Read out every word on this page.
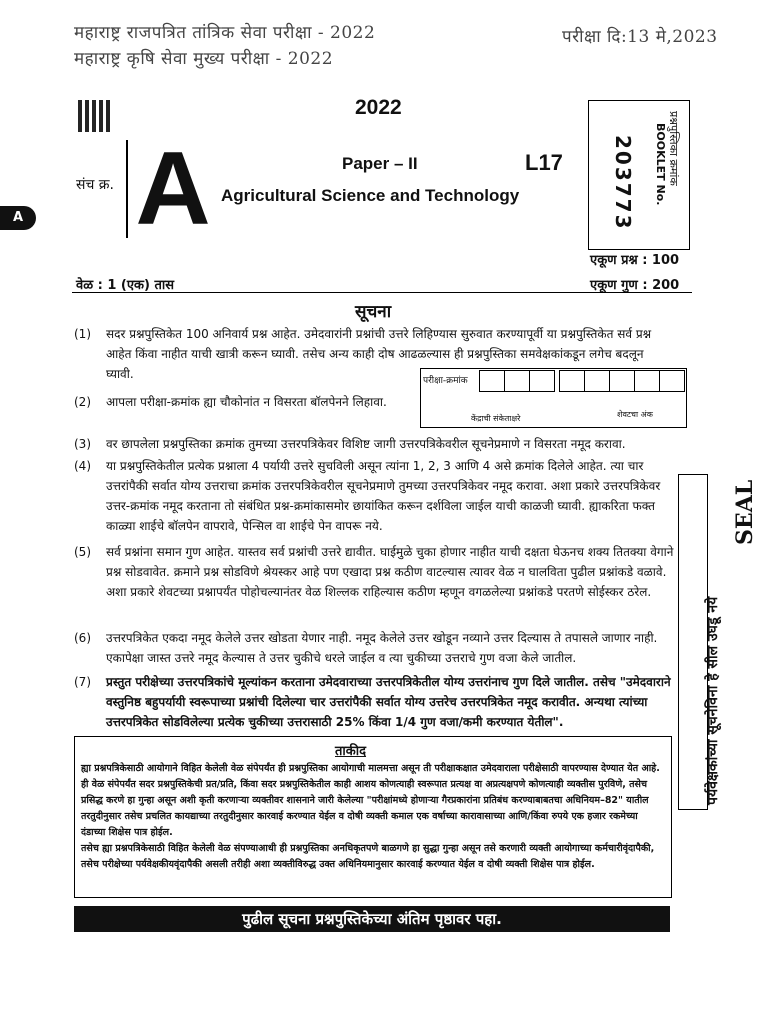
महाराष्ट्र राजपत्रित तांत्रिक सेवा परीक्षा - 2022
महाराष्ट्र कृषि सेवा मुख्य परीक्षा - 2022
परीक्षा दि:13 मे,2023
2022
संच क्र. A	Paper – II	L17
Agricultural Science and Technology
A
प्रश्नपुस्तिका क्रमांक
BOOKLET No.
203773
एकूण प्रश्न : 100
वेळ : 1 (एक) तास	एकूण गुण : 200
सूचना
(1) सदर प्रश्नपुस्तिकेत 100 अनिवार्य प्रश्न आहेत. उमेदवारांनी प्रश्नांची उत्तरे लिहिण्यास सुरुवात करण्यापूर्वी या प्रश्नपुस्तिकेत सर्व प्रश्न आहेत किंवा नाहीत याची खात्री करून घ्यावी. तसेच अन्य काही दोष आढळल्यास ही प्रश्नपुस्तिका समवेक्षकांकडून लगेच बदलून घ्यावी.
(2) आपला परीक्षा-क्रमांक ह्या चौकोनांत न विसरता बॉलपेनने लिहावा.
परीक्षा-क्रमांक
केंद्राची संकेताक्षरे	शेवटचा अंक
(3) वर छापलेला प्रश्नपुस्तिका क्रमांक तुमच्या उत्तरपत्रिकेवर विशिष्ट जागी उत्तरपत्रिकेवरील सूचनेप्रमाणे न विसरता नमूद करावा.
(4) या प्रश्नपुस्तिकेतील प्रत्येक प्रश्नाला 4 पर्यायी उत्तरे सुचविली असून त्यांना 1, 2, 3 आणि 4 असे क्रमांक दिलेले आहेत. त्या चार उत्तरांपैकी सर्वात योग्य उत्तराचा क्रमांक उत्तरपत्रिकेवरील सूचनेप्रमाणे तुमच्या उत्तरपत्रिकेवर नमूद करावा. अशा प्रकारे उत्तरपत्रिकेवर उत्तर-क्रमांक नमूद करताना तो संबंधित प्रश्न-क्रमांकासमोर छायांकित करून दर्शविला जाईल याची काळजी घ्यावी. ह्याकरिता फक्त काळ्या शाईचे बॉलपेन वापरावे, पेन्सिल वा शाईचे पेन वापरू नये.
(5) सर्व प्रश्नांना समान गुण आहेत. यास्तव सर्व प्रश्नांची उत्तरे द्यावीत. घाईमुळे चुका होणार नाहीत याची दक्षता घेऊनच शक्य तितक्या वेगाने प्रश्न सोडवावेत. क्रमाने प्रश्न सोडविणे श्रेयस्कर आहे पण एखादा प्रश्न कठीण वाटल्यास त्यावर वेळ न घालविता पुढील प्रश्नांकडे वळावे. अशा प्रकारे शेवटच्या प्रश्नापर्यंत पोहोचल्यानंतर वेळ शिल्लक राहिल्यास कठीण म्हणून वगळलेल्या प्रश्नांकडे परतणे सोईस्कर ठरेल.
(6) उत्तरपत्रिकेत एकदा नमूद केलेले उत्तर खोडता येणार नाही. नमूद केलेले उत्तर खोडून नव्याने उत्तर दिल्यास ते तपासले जाणार नाही. एकापेक्षा जास्त उत्तरे नमूद केल्यास ते उत्तर चुकीचे धरले जाईल व त्या चुकीच्या उत्तराचे गुण वजा केले जातील.
(7) प्रस्तुत परीक्षेच्या उत्तरपत्रिकांचे मूल्यांकन करताना उमेदवाराच्या उत्तरपत्रिकेतील योग्य उत्तरांनाच गुण दिले जातील. तसेच "उमेदवाराने वस्तुनिष्ठ बहुपर्यायी स्वरूपाच्या प्रश्नांची दिलेल्या चार उत्तरांपैकी सर्वात योग्य उत्तरेच उत्तरपत्रिकेत नमूद करावीत. अन्यथा त्यांच्या उत्तरपत्रिकेत सोडविलेल्या प्रत्येक चुकीच्या उत्तरासाठी 25% किंवा 1/4 गुण वजा/कमी करण्यात येतील".	पर्यवेक्षकांच्या सूचनेविना हे सील उघडू नये
SEAL
ताकीद
ह्या प्रश्नपत्रिकेसाठी आयोगाने विहित केलेली वेळ संपेपर्यंत ही प्रश्नपुस्तिका आयोगाची मालमत्ता असून ती परीक्षाकक्षात उमेदवाराला परीक्षेसाठी वापरण्यास देण्यात येत आहे. ही वेळ संपेपर्यंत सदर प्रश्नपुस्तिकेची प्रत/प्रति, किंवा सदर प्रश्नपुस्तिकेतील काही आशय कोणत्याही स्वरूपात प्रत्यक्ष वा अप्रत्यक्षपणे कोणत्याही व्यक्तीस पुरविणे, तसेच प्रसिद्ध करणे हा गुन्हा असून अशी कृती करणाऱ्या व्यक्तीवर शासनाने जारी केलेल्या "परीक्षांमध्ये होणाऱ्या गैरप्रकारांना प्रतिबंध करण्याबाबतचा अधिनियम–82" यातील तरतुदीनुसार तसेच प्रचलित कायद्याच्या तरतुदीनुसार कारवाई करण्यात येईल व दोषी व्यक्ती कमाल एक वर्षाच्या कारावासाच्या आणि/किंवा रुपये एक हजार रकमेच्या दंडाच्या शिक्षेस पात्र होईल.
तसेच ह्या प्रश्नपत्रिकेसाठी विहित केलेली वेळ संपण्याआधी ही प्रश्नपुस्तिका अनधिकृतपणे बाळगणे हा सुद्धा गुन्हा असून तसे करणारी व्यक्ती आयोगाच्या कर्मचारीवृंदापैकी, तसेच परीक्षेच्या पर्यवेक्षकीयवृंदापैकी असली तरीही अशा व्यक्तीविरुद्ध उक्त अधिनियमानुसार कारवाई करण्यात येईल व दोषी व्यक्ती शिक्षेस पात्र होईल.
पुढील सूचना प्रश्नपुस्तिकेच्या अंतिम पृष्ठावर पहा.
